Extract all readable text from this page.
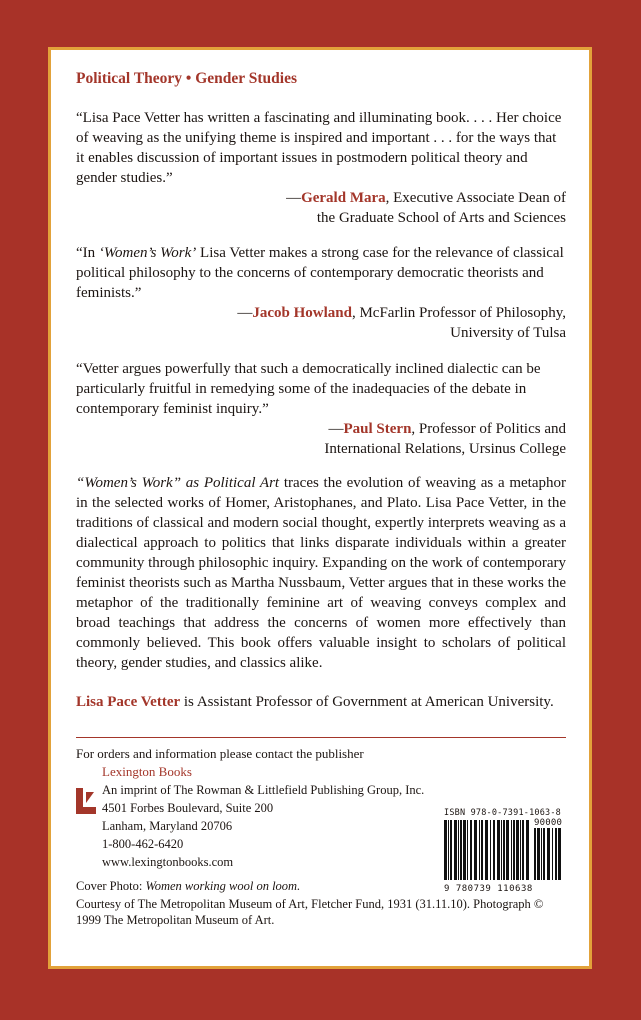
Political Theory • Gender Studies

“Lisa Pace Vetter has written a fascinating and illuminating book. . . . Her choice of weaving as the unifying theme is inspired and important . . . for the ways that it enables discussion of important issues in postmodern political theory and gender studies.”

—Gerald Mara, Executive Associate Dean of
the Graduate School of Arts and Sciences

“In ‘Women’s Work’ Lisa Vetter makes a strong case for the relevance of classical political philosophy to the concerns of contemporary democratic theorists and feminists.”

—Jacob Howland, McFarlin Professor of Philosophy,
University of Tulsa

“Vetter argues powerfully that such a democratically inclined dialectic can be particularly fruitful in remedying some of the inadequacies of the debate in contemporary feminist inquiry.”

—Paul Stern, Professor of Politics and
International Relations, Ursinus College

“Women’s Work” as Political Art traces the evolution of weaving as a metaphor in the selected works of Homer, Aristophanes, and Plato. Lisa Pace Vetter, in the traditions of classical and modern social thought, expertly interprets weaving as a dialectical approach to politics that links disparate individuals within a greater community through philosophic inquiry. Expanding on the work of contemporary feminist theorists such as Martha Nussbaum, Vetter argues that in these works the metaphor of the traditionally feminine art of weaving conveys complex and broad teachings that address the concerns of women more effectively than commonly believed. This book offers valuable insight to scholars of political theory, gender studies, and classics alike.

Lisa Pace Vetter is Assistant Professor of Government at American University.

For orders and information please contact the publisher

Lexington Books

An imprint of The Rowman & Littlefield Publishing Group, Inc.

4501 Forbes Boulevard, Suite 200

Lanham, Maryland 20706

1-800-462-6420

www.lexingtonbooks.com

ISBN 978-0-7391-1063-8

90000

9 780739 110638

Cover Photo: Women working wool on loom.

Courtesy of The Metropolitan Museum of Art, Fletcher Fund, 1931 (31.11.10). Photograph © 1999 The Metropolitan Museum of Art.
